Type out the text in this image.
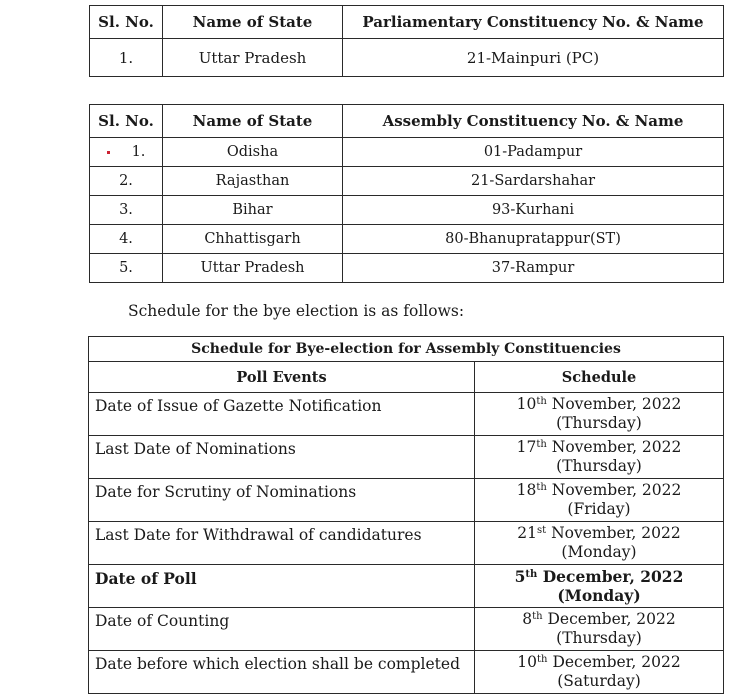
Sl. No.	Name of State	Parliamentary Constituency No. & Name
1.	Uttar Pradesh	21-Mainpuri (PC)
Sl. No.	Name of State	Assembly Constituency No. & Name
1.	Odisha	01-Padampur
2.	Rajasthan	21-Sardarshahar
3.	Bihar	93-Kurhani
4.	Chhattisgarh	80-Bhanupratappur(ST)
5.	Uttar Pradesh	37-Rampur

Schedule for the bye election is as follows:

Schedule for Bye-election for Assembly Constituencies	
Poll Events	Schedule
Date of Issue of Gazette Notification	10th November, 2022
(Thursday)
Last Date of Nominations	17th November, 2022
(Thursday)
Date for Scrutiny of Nominations	18th November, 2022
(Friday)
Last Date for Withdrawal of candidatures	21st November, 2022
(Monday)
Date of Poll	5th December, 2022
(Monday)
Date of Counting	8th December, 2022
(Thursday)
Date before which election shall be completed	10th December, 2022
(Saturday)
